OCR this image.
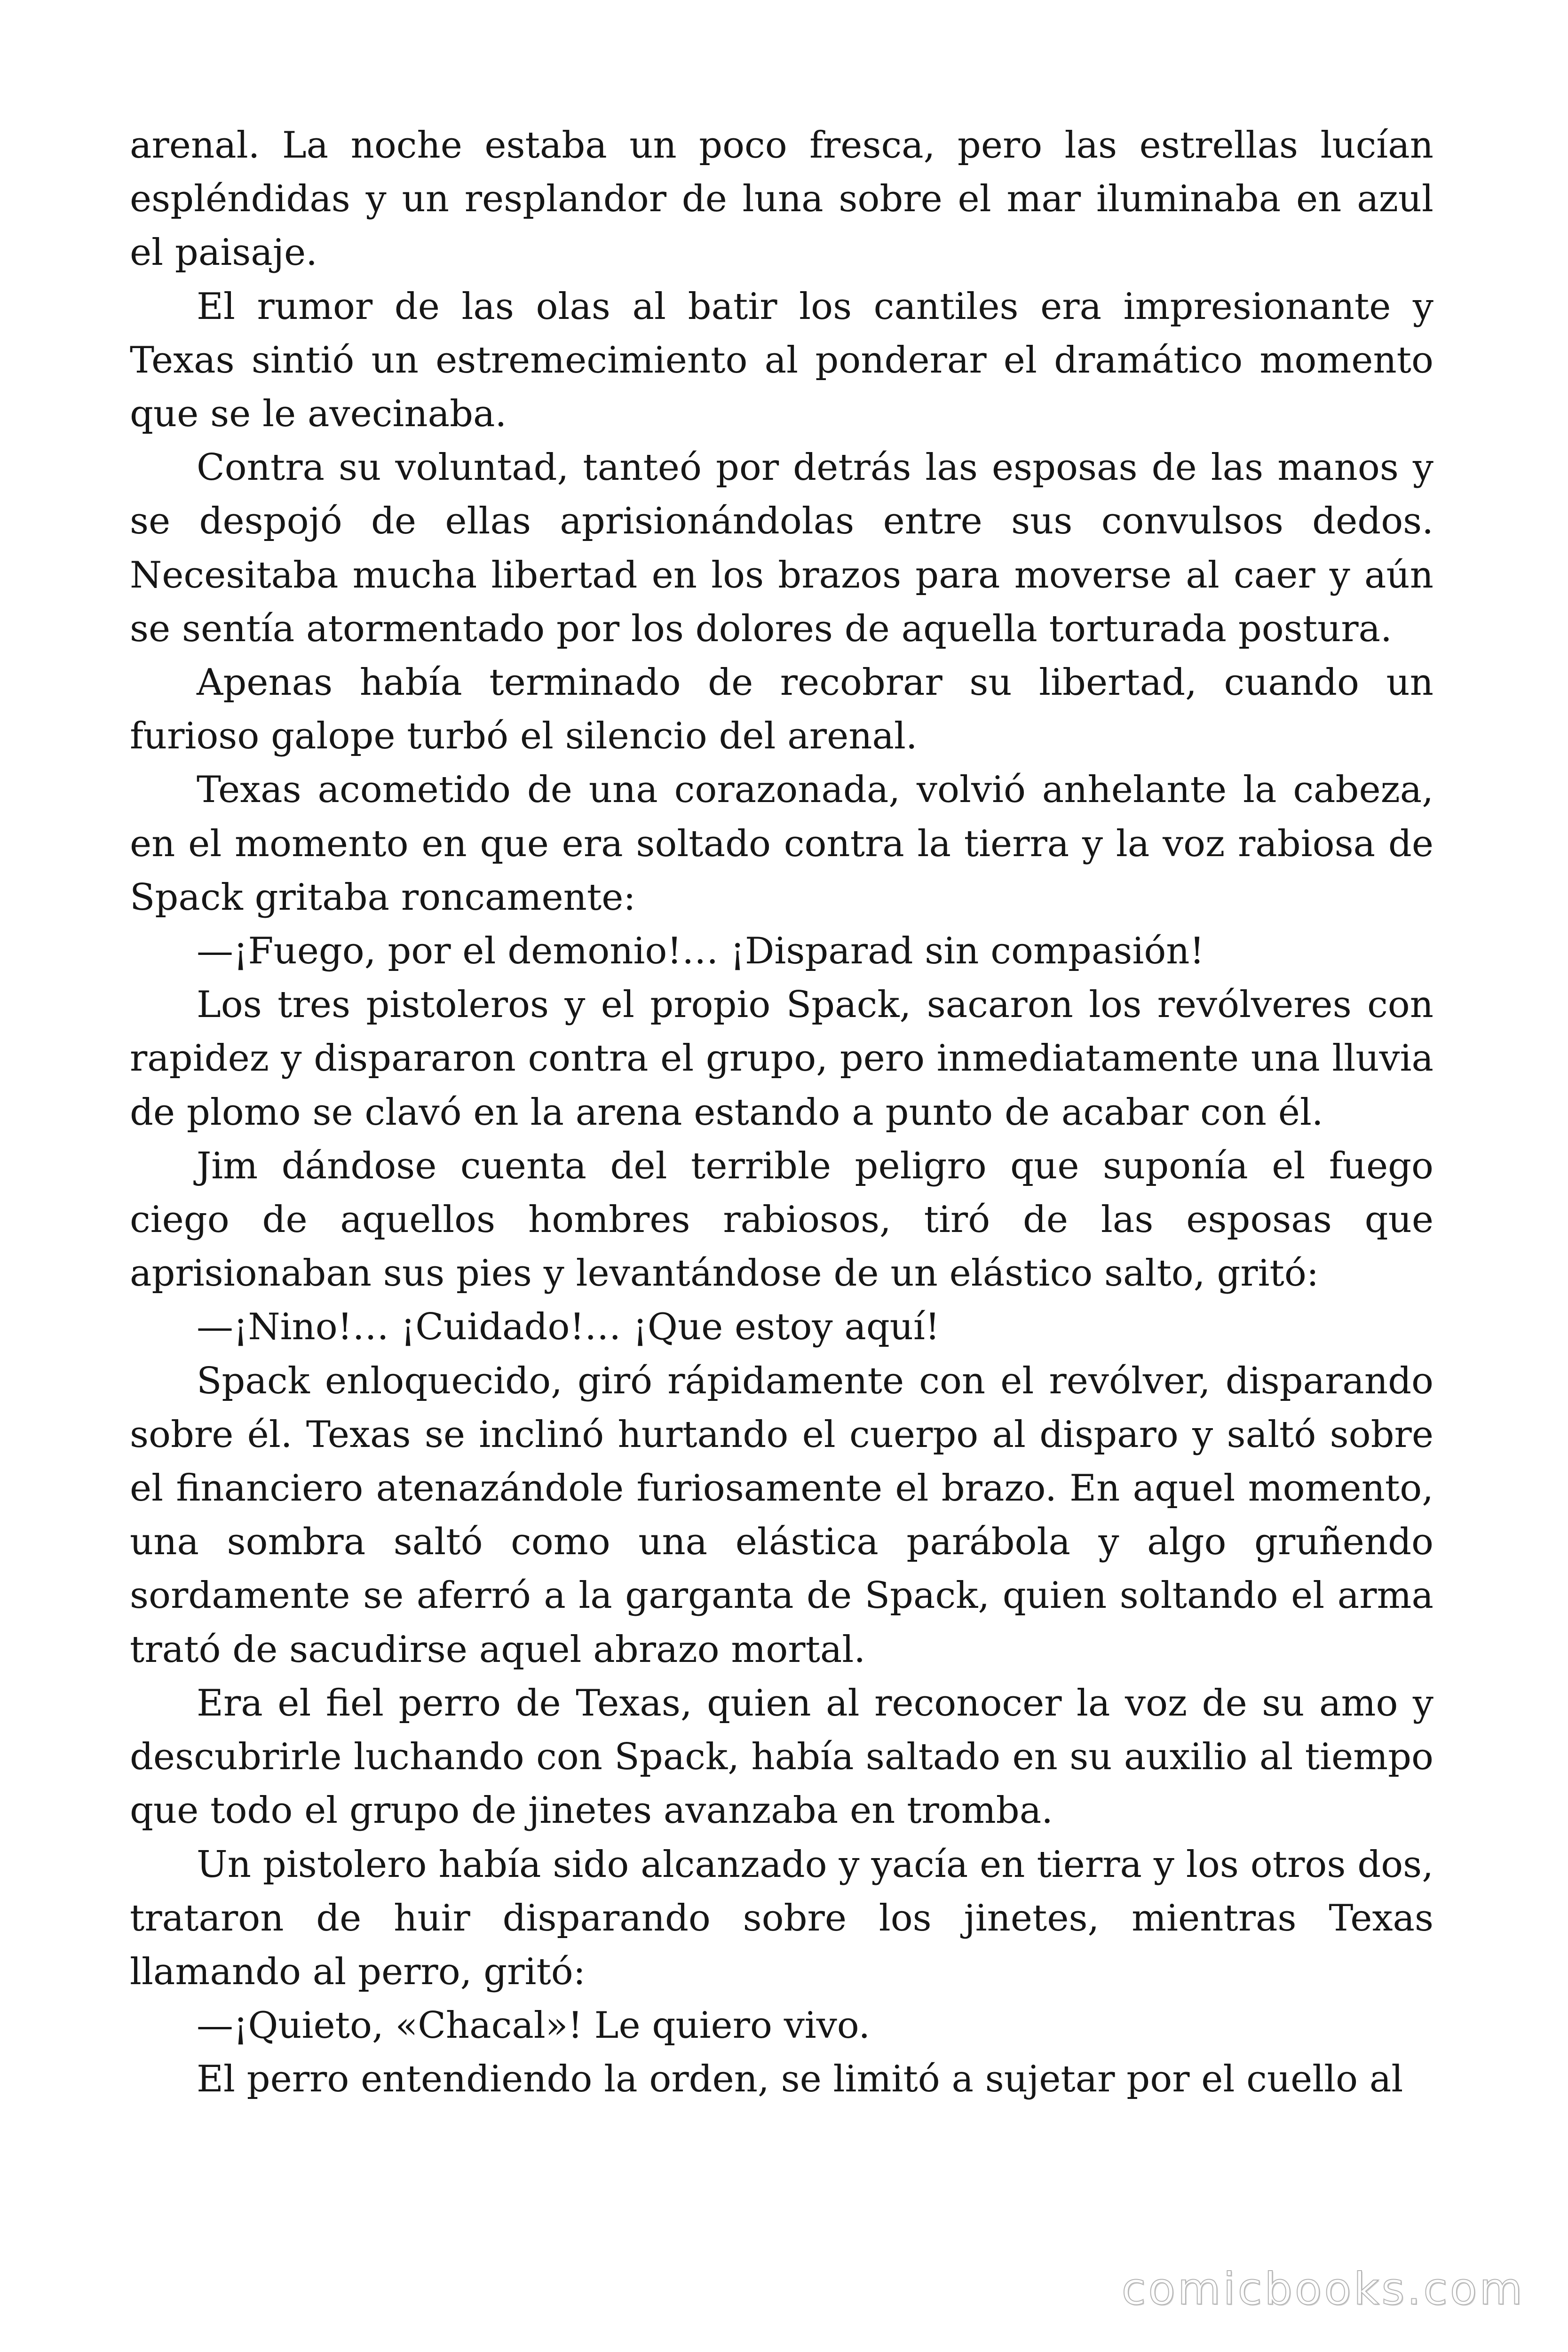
arenal. La noche estaba un poco fresca, pero las estrellas lucían espléndidas y un resplandor de luna sobre el mar iluminaba en azul el paisaje.

El rumor de las olas al batir los cantiles era impresionante y Texas sintió un estremecimiento al ponderar el dramático momento que se le avecinaba.

Contra su voluntad, tanteó por detrás las esposas de las manos y se despojó de ellas aprisionándolas entre sus convulsos dedos. Necesitaba mucha libertad en los brazos para moverse al caer y aún se sentía atormentado por los dolores de aquella torturada postura.

Apenas había terminado de recobrar su libertad, cuando un furioso galope turbó el silencio del arenal.

Texas acometido de una corazonada, volvió anhelante la cabeza, en el momento en que era soltado contra la tierra y la voz rabiosa de Spack gritaba roncamente:

—¡Fuego, por el demonio!… ¡Disparad sin compasión!

Los tres pistoleros y el propio Spack, sacaron los revólveres con rapidez y dispararon contra el grupo, pero inmediatamente una lluvia de plomo se clavó en la arena estando a punto de acabar con él.

Jim dándose cuenta del terrible peligro que suponía el fuego ciego de aquellos hombres rabiosos, tiró de las esposas que aprisionaban sus pies y levantándose de un elástico salto, gritó:

—¡Nino!… ¡Cuidado!… ¡Que estoy aquí!

Spack enloquecido, giró rápidamente con el revólver, disparando sobre él. Texas se inclinó hurtando el cuerpo al disparo y saltó sobre el financiero atenazándole furiosamente el brazo. En aquel momento, una sombra saltó como una elástica parábola y algo gruñendo sordamente se aferró a la garganta de Spack, quien soltando el arma trató de sacudirse aquel abrazo mortal.

Era el fiel perro de Texas, quien al reconocer la voz de su amo y descubrirle luchando con Spack, había saltado en su auxilio al tiempo que todo el grupo de jinetes avanzaba en tromba.

Un pistolero había sido alcanzado y yacía en tierra y los otros dos, trataron de huir disparando sobre los jinetes, mientras Texas llamando al perro, gritó:

—¡Quieto, «Chacal»! Le quiero vivo.

El perro entendiendo la orden, se limitó a sujetar por el cuello al

comicbooks.com
